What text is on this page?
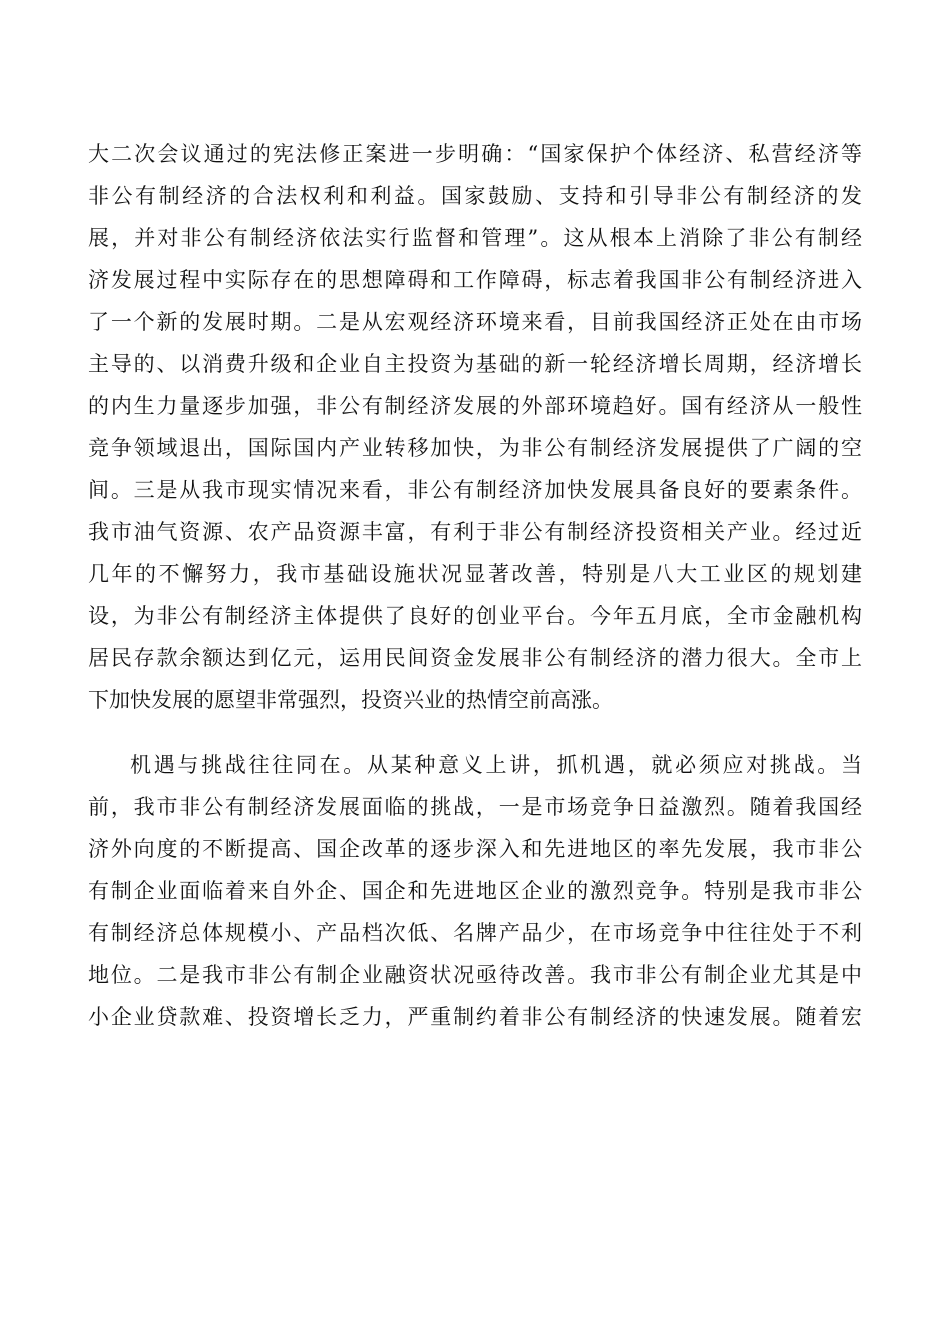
大二次会议通过的宪法修正案进一步明确：“国家保护个体经济、私营经济等
非公有制经济的合法权利和利益。国家鼓励、支持和引导非公有制经济的发
展，并对非公有制经济依法实行监督和管理”。这从根本上消除了非公有制经
济发展过程中实际存在的思想障碍和工作障碍，标志着我国非公有制经济进入
了一个新的发展时期。二是从宏观经济环境来看，目前我国经济正处在由市场
主导的、以消费升级和企业自主投资为基础的新一轮经济增长周期，经济增长
的内生力量逐步加强，非公有制经济发展的外部环境趋好。国有经济从一般性
竞争领域退出，国际国内产业转移加快，为非公有制经济发展提供了广阔的空
间。三是从我市现实情况来看，非公有制经济加快发展具备良好的要素条件。
我市油气资源、农产品资源丰富，有利于非公有制经济投资相关产业。经过近
几年的不懈努力，我市基础设施状况显著改善，特别是八大工业区的规划建
设，为非公有制经济主体提供了良好的创业平台。今年五月底，全市金融机构
居民存款余额达到亿元，运用民间资金发展非公有制经济的潜力很大。全市上
下加快发展的愿望非常强烈，投资兴业的热情空前高涨。
机遇与挑战往往同在。从某种意义上讲，抓机遇，就必须应对挑战。当
前，我市非公有制经济发展面临的挑战，一是市场竞争日益激烈。随着我国经
济外向度的不断提高、国企改革的逐步深入和先进地区的率先发展，我市非公
有制企业面临着来自外企、国企和先进地区企业的激烈竞争。特别是我市非公
有制经济总体规模小、产品档次低、名牌产品少，在市场竞争中往往处于不利
地位。二是我市非公有制企业融资状况亟待改善。我市非公有制企业尤其是中
小企业贷款难、投资增长乏力，严重制约着非公有制经济的快速发展。随着宏
